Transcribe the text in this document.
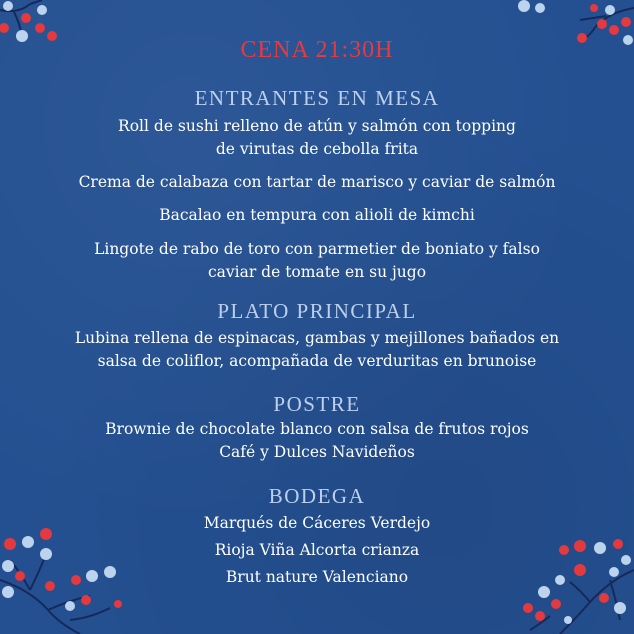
CENA 21:30H
ENTRANTES EN MESA
Roll de sushi relleno de atún y salmón con topping
de virutas de cebolla frita
Crema de calabaza con tartar de marisco y caviar de salmón
Bacalao en tempura con alioli de kimchi
Lingote de rabo de toro con parmetier de boniato y falso
caviar de tomate en su jugo
PLATO PRINCIPAL
Lubina rellena de espinacas, gambas y mejillones bañados en
salsa de coliflor, acompañada de verduritas en brunoise
POSTRE
Brownie de chocolate blanco con salsa de frutos rojos
Café y Dulces Navideños
BODEGA
Marqués de Cáceres Verdejo
Rioja Viña Alcorta crianza
Brut nature Valenciano
